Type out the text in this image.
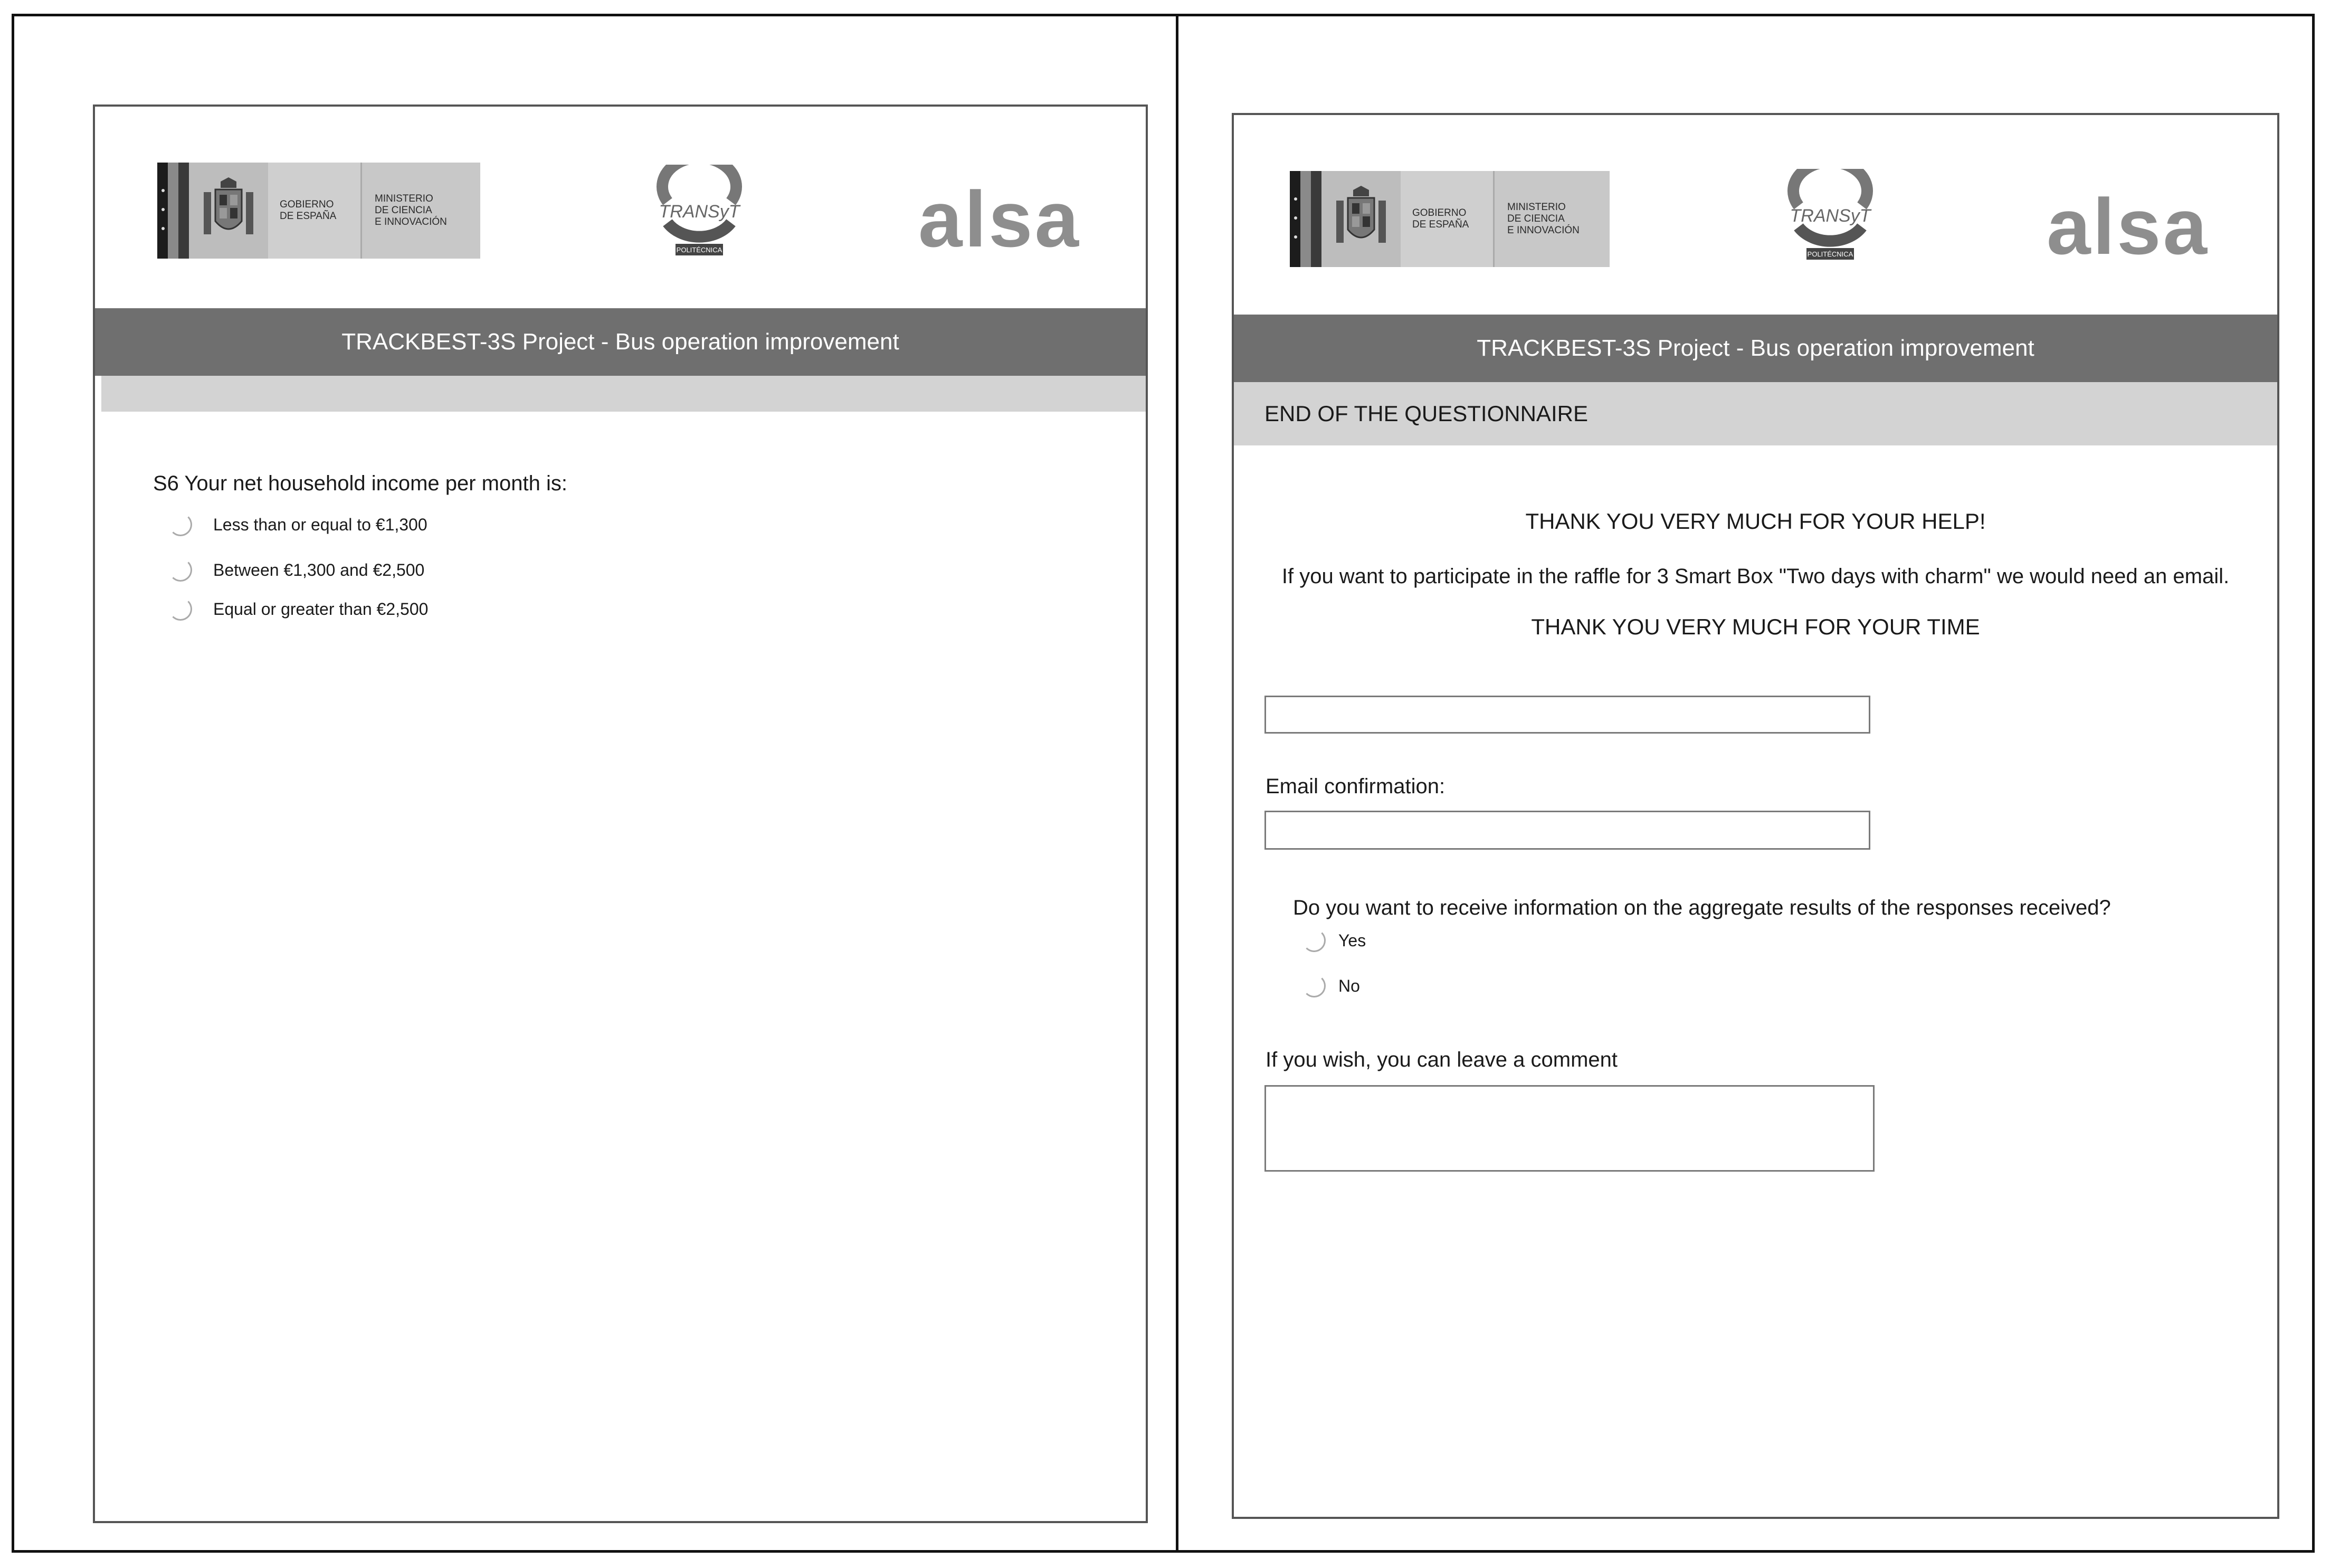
GOBIERNO
DE ESPAÑA
MINISTERIO
DE CIENCIA
E INNOVACIÓN
TRANSyT
POLITÉCNICA alsa
TRACKBEST-3S Project - Bus operation improvement
S6 Your net household income per month is:
Less than or equal to €1,300
Between €1,300 and €2,500
Equal or greater than €2,500
GOBIERNO
DE ESPAÑA
MINISTERIO
DE CIENCIA
E INNOVACIÓN
TRANSyT
POLITÉCNICA alsa
TRACKBEST-3S Project - Bus operation improvement
END OF THE QUESTIONNAIRE
THANK YOU VERY MUCH FOR YOUR HELP!
If you want to participate in the raffle for 3 Smart Box "Two days with charm" we would need an email.
THANK YOU VERY MUCH FOR YOUR TIME
Email confirmation:
Do you want to receive information on the aggregate results of the responses received?
Yes
No
If you wish, you can leave a comment
